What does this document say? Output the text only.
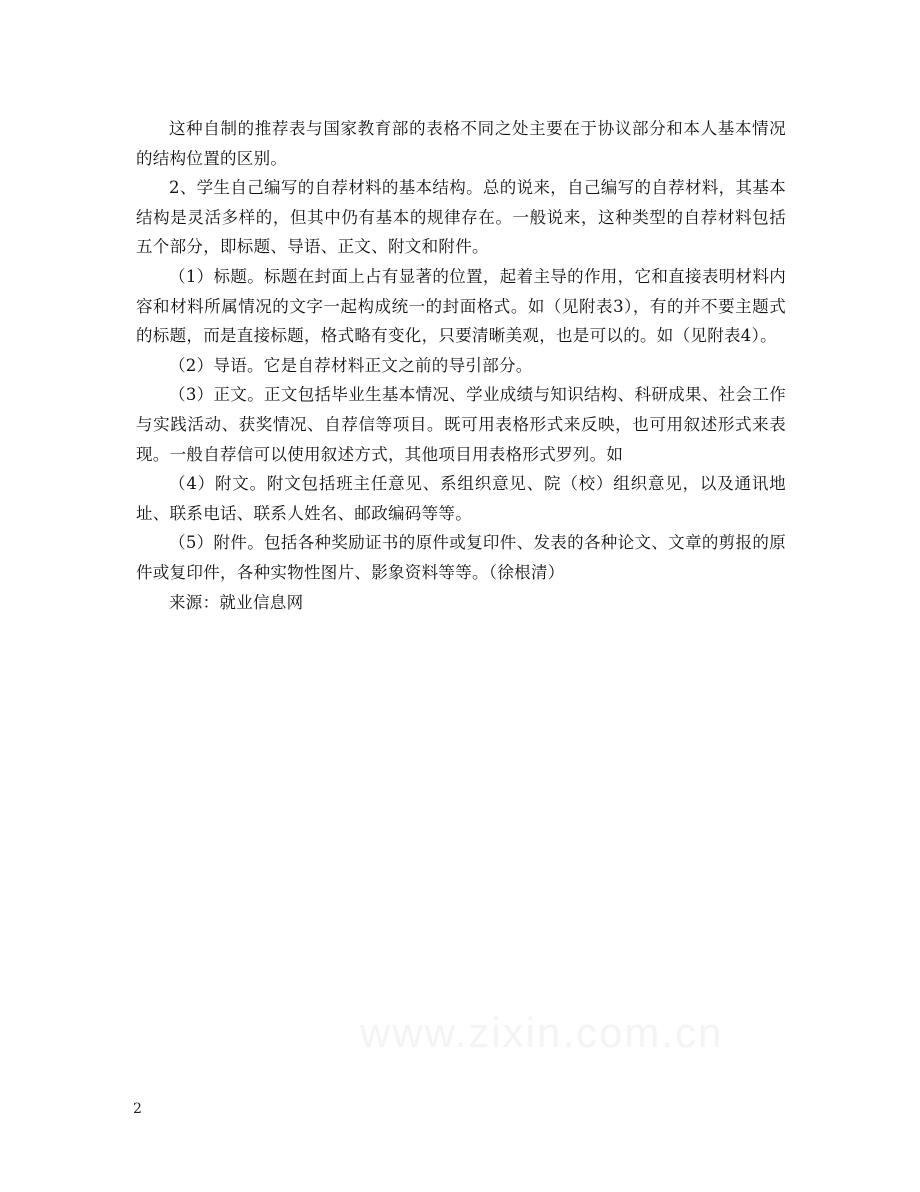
这种自制的推荐表与国家教育部的表格不同之处主要在于协议部分和本人基本情况的结构位置的区别。

2、学生自己编写的自荐材料的基本结构。总的说来，自己编写的自荐材料，其基本结构是灵活多样的，但其中仍有基本的规律存在。一般说来，这种类型的自荐材料包括五个部分，即标题、导语、正文、附文和附件。

（1）标题。标题在封面上占有显著的位置，起着主导的作用，它和直接表明材料内容和材料所属情况的文字一起构成统一的封面格式。如（见附表3），有的并不要主题式的标题，而是直接标题，格式略有变化，只要清晰美观，也是可以的。如（见附表4）。

（2）导语。它是自荐材料正文之前的导引部分。

（3）正文。正文包括毕业生基本情况、学业成绩与知识结构、科研成果、社会工作与实践活动、获奖情况、自荐信等项目。既可用表格形式来反映，也可用叙述形式来表现。一般自荐信可以使用叙述方式，其他项目用表格形式罗列。如

（4）附文。附文包括班主任意见、系组织意见、院（校）组织意见，以及通讯地址、联系电话、联系人姓名、邮政编码等等。

（5）附件。包括各种奖励证书的原件或复印件、发表的各种论文、文章的剪报的原件或复印件，各种实物性图片、影象资料等等。（徐根清）

来源：就业信息网

www.zixin.com.cn
2
